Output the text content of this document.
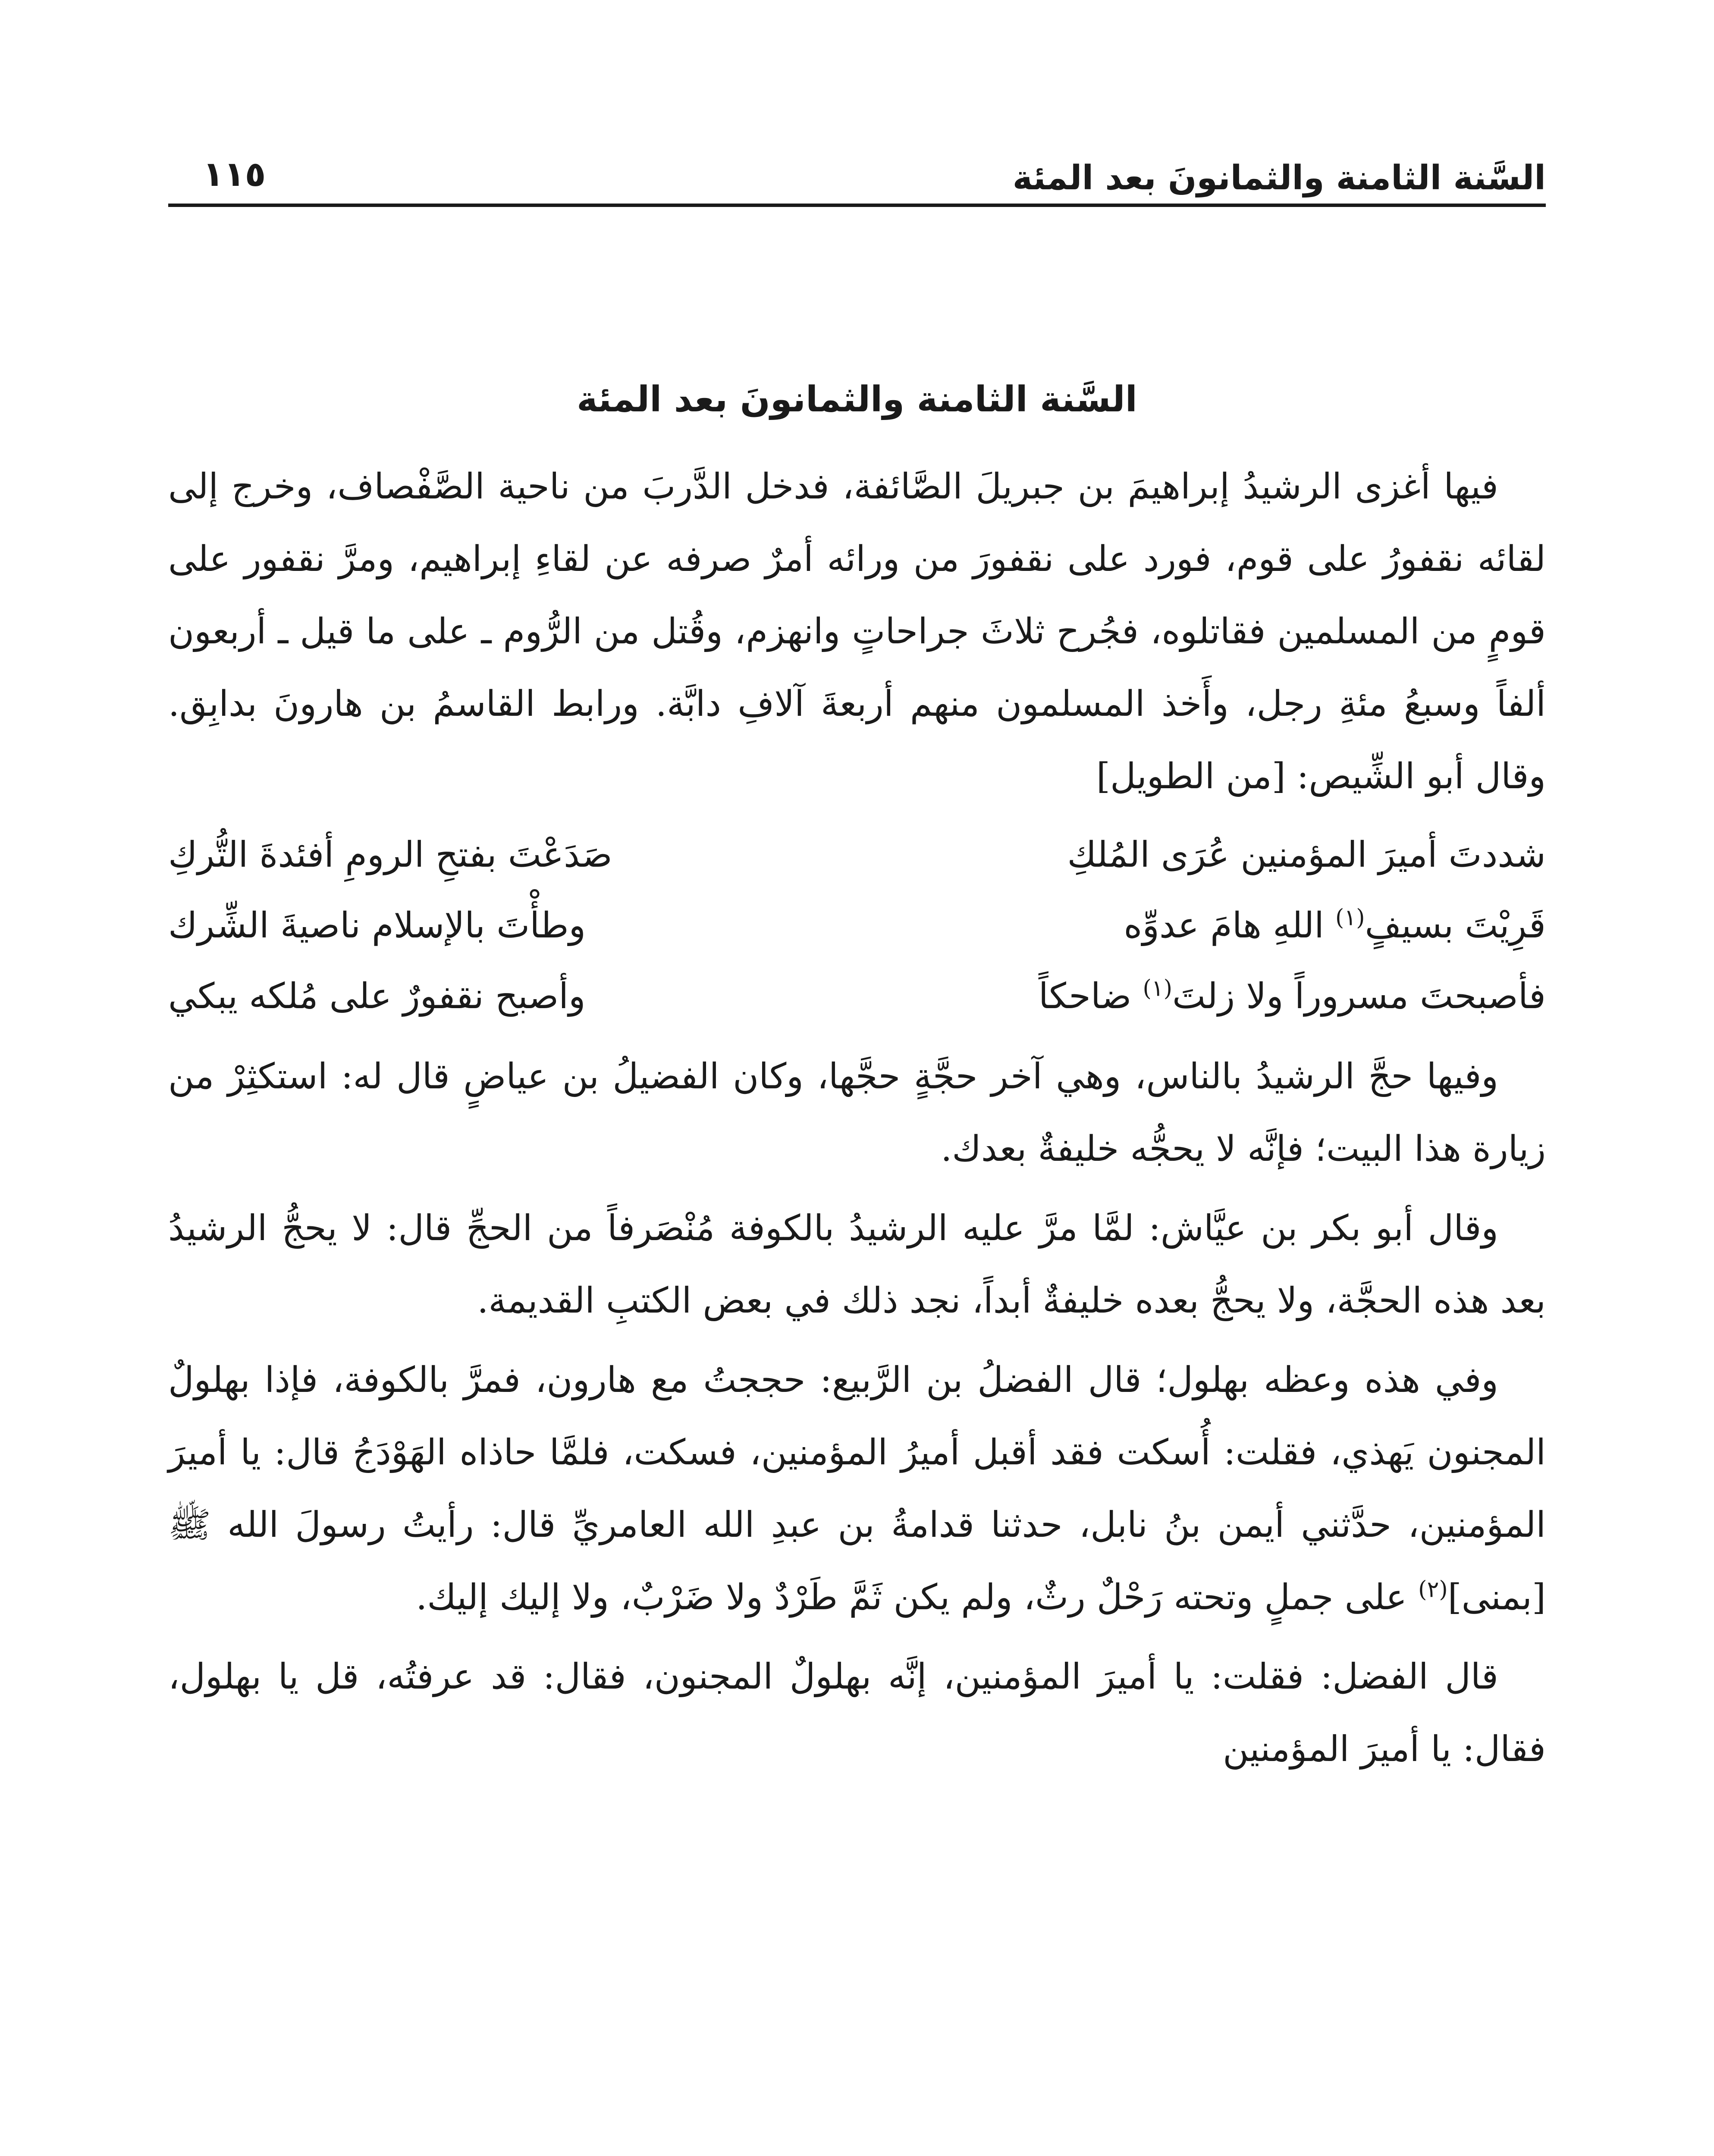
السَّنة الثامنة والثمانونَ بعد المئة
١١٥
السَّنة الثامنة والثمانونَ بعد المئة

فيها أغزى الرشيدُ إبراهيمَ بن جبريلَ الصَّائفة، فدخل الدَّربَ من ناحية الصَّفْصاف، وخرج إلى لقائه نقفورُ على قوم، فورد على نقفورَ من ورائه أمرٌ صرفه عن لقاءِ إبراهيم، ومرَّ نقفور على قومٍ من المسلمين فقاتلوه، فجُرح ثلاثَ جراحاتٍ وانهزم، وقُتل من الرُّوم ـ على ما قيل ـ أربعون ألفاً وسبعُ مئةِ رجل، وأَخذ المسلمون منهم أربعةَ آلافِ دابَّة. ورابط القاسمُ بن هارونَ بدابِق. وقال أبو الشِّيص: [من الطويل]

شددتَ أميرَ المؤمنين عُرَى المُلكِ
صَدَعْتَ بفتحِ الرومِ أفئدةَ التُّركِ
قَرِيْتَ بسيفٍ$^{(١)}$ اللهِ هامَ عدوِّه
وطأْتَ بالإسلام ناصيةَ الشِّرك
فأصبحتَ مسروراً ولا زلتَ$^{(١)}$ ضاحكاً
وأصبح نقفورٌ على مُلكه يبكي

وفيها حجَّ الرشيدُ بالناس، وهي آخر حجَّةٍ حجَّها، وكان الفضيلُ بن عياضٍ قال له: استكثِرْ من زيارة هذا البيت؛ فإنَّه لا يحجُّه خليفةٌ بعدك.

وقال أبو بكر بن عيَّاش: لمَّا مرَّ عليه الرشيدُ بالكوفة مُنْصَرفاً من الحجِّ قال: لا يحجُّ الرشيدُ بعد هذه الحجَّة، ولا يحجُّ بعده خليفةٌ أبداً، نجد ذلك في بعض الكتبِ القديمة.

وفي هذه وعظه بهلول؛ قال الفضلُ بن الرَّبيع: حججتُ مع هارون، فمرَّ بالكوفة، فإذا بهلولٌ المجنون يَهذي، فقلت: أُسكت فقد أقبل أميرُ المؤمنين، فسكت، فلمَّا حاذاه الهَوْدَجُ قال: يا أميرَ المؤمنين، حدَّثني أيمن بنُ نابل، حدثنا قدامةُ بن عبدِ الله العامريِّ قال: رأيتُ رسولَ الله ﷺ [بمنى]$^{(٢)}$ على جملٍ وتحته رَحْلٌ رثٌ، ولم يكن ثَمَّ طَرْدٌ ولا ضَرْبٌ، ولا إليك إليك.

قال الفضل: فقلت: يا أميرَ المؤمنين، إنَّه بهلولٌ المجنون، فقال: قد عرفتُه، قل يا بهلول، فقال: يا أميرَ المؤمنين
